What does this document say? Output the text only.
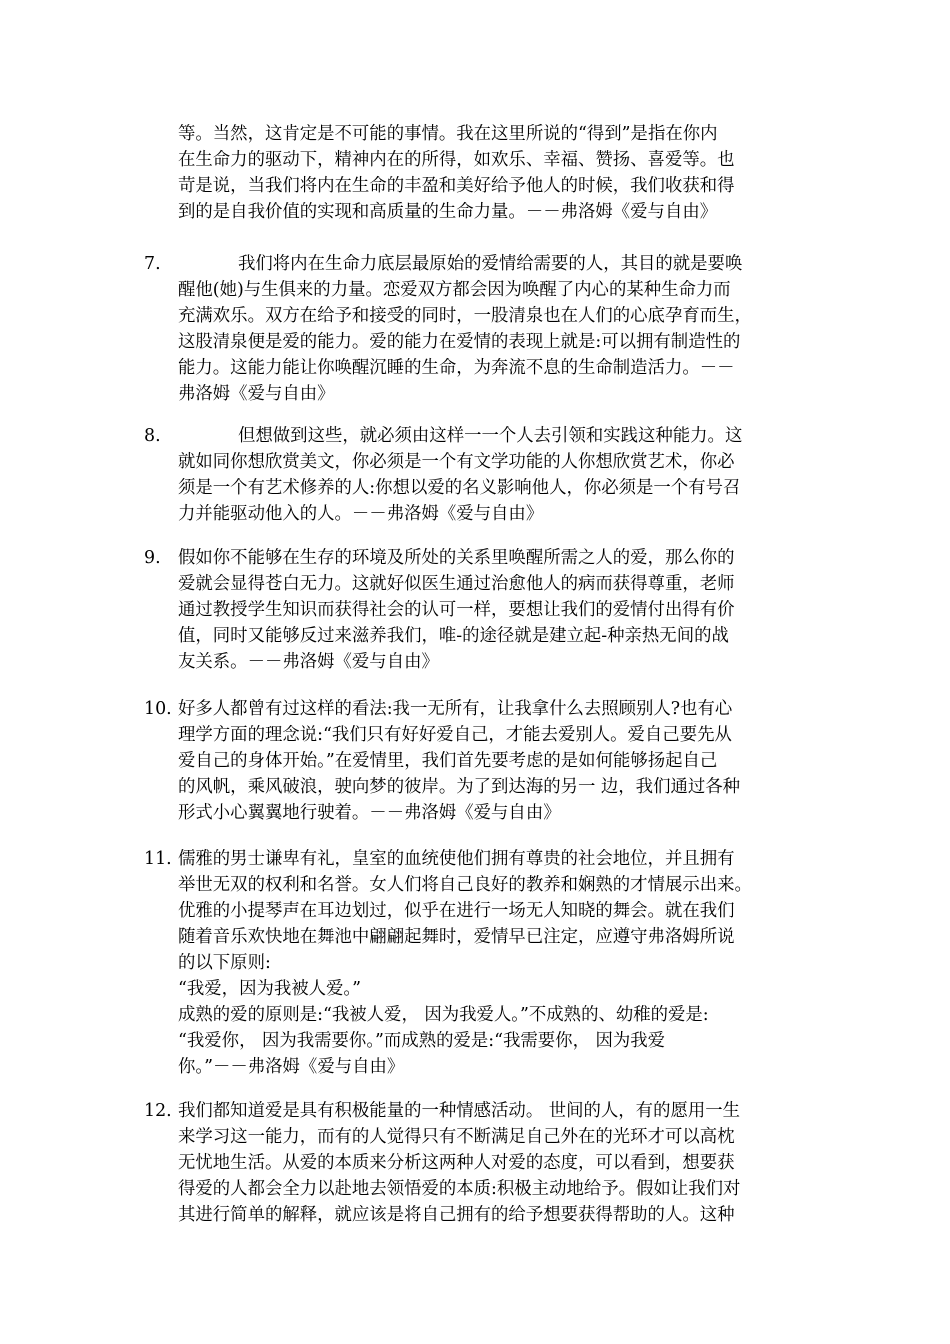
等。当然，这肯定是不可能的事情。我在这里所说的“得到”是指在你内
在生命力的驱动下，精神内在的所得，如欢乐、幸福、赞扬、喜爱等。也
苛是说，当我们将内在生命的丰盈和美好给予他人的时候，我们收获和得
到的是自我价值的实现和高质量的生命力量。－－弗洛姆《爱与自由》
7.	我们将内在生命力底层最原始的爱情给需要的人，其目的就是要唤
醒他(她)与生俱来的力量。恋爱双方都会因为唤醒了内心的某种生命力而
充满欢乐。双方在给予和接受的同时，一股清泉也在人们的心底孕育而生，
这股清泉便是爱的能力。爱的能力在爱情的表现上就是:可以拥有制造性的
能力。这能力能让你唤醒沉睡的生命，为奔流不息的生命制造活力。－－
弗洛姆《爱与自由》
8.	但想做到这些，就必须由这样一一个人去引领和实践这种能力。这
就如同你想欣赏美文，你必须是一个有文学功能的人你想欣赏艺术，你必
须是一个有艺术修养的人:你想以爱的名义影响他人，你必须是一个有号召
力并能驱动他入的人。－－弗洛姆《爱与自由》
9.	假如你不能够在生存的环境及所处的关系里唤醒所需之人的爱，那么你的
爱就会显得苍白无力。这就好似医生通过治愈他人的病而获得尊重，老师
通过教授学生知识而获得社会的认可一样，要想让我们的爱情付出得有价
值，同时又能够反过来滋养我们，唯-的途径就是建立起-种亲热无间的战
友关系。－－弗洛姆《爱与自由》
10. 好多人都曾有过这样的看法:我一无所有，让我拿什么去照顾别人?也有心
理学方面的理念说:“我们只有好好爱自己，才能去爱别人。爱自己要先从
爱自己的身体开始。”在爱情里，我们首先要考虑的是如何能够扬起自己
的风帆，乘风破浪，驶向梦的彼岸。为了到达海的另一 边，我们通过各种
形式小心翼翼地行驶着。－－弗洛姆《爱与自由》
11. 儒雅的男士谦卑有礼，皇室的血统使他们拥有尊贵的社会地位，并且拥有
举世无双的权利和名誉。女人们将自己良好的教养和娴熟的才情展示出来。
优雅的小提琴声在耳边划过，似乎在进行一场无人知晓的舞会。就在我们
随着音乐欢快地在舞池中翩翩起舞时，爱情早已注定，应遵守弗洛姆所说
的以下原则:
“我爱，因为我被人爱。”
成熟的爱的原则是:“我被人爱， 因为我爱人。”不成熟的、幼稚的爱是:
“我爱你， 因为我需要你。”而成熟的爱是:“我需要你， 因为我爱
你。”－－弗洛姆《爱与自由》
12. 我们都知道爱是具有积极能量的一种情感活动。 世间的人，有的愿用一生
来学习这一能力，而有的人觉得只有不断满足自己外在的光环才可以高枕
无忧地生活。从爱的本质来分析这两种人对爱的态度，可以看到，想要获
得爱的人都会全力以赴地去领悟爱的本质:积极主动地给予。假如让我们对
其进行简单的解释，就应该是将自己拥有的给予想要获得帮助的人。这种
